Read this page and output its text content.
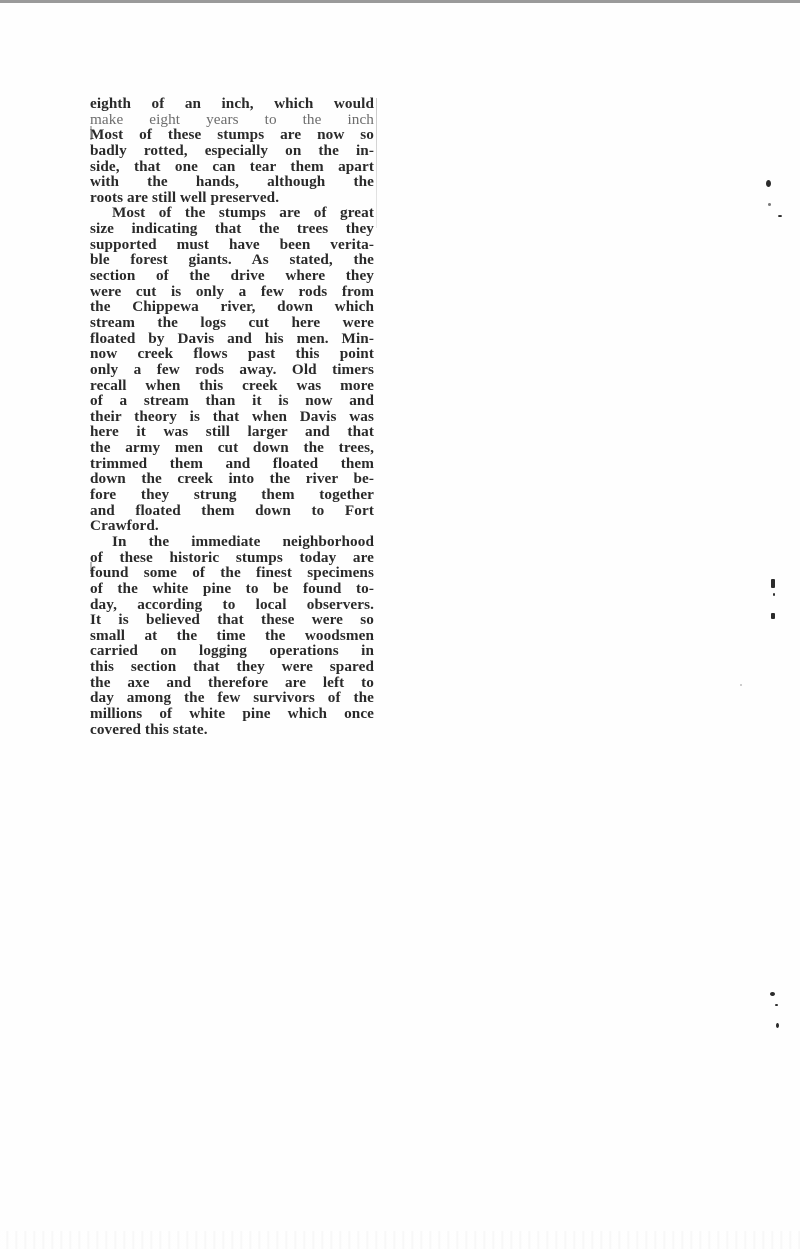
eighth of an inch, which would
make eight years to the inch
Most of these stumps are now so
badly rotted, especially on the in-
side, that one can tear them apart
with the hands, although the
roots are still well preserved.
Most of the stumps are of great
size indicating that the trees they
supported must have been verita-
ble forest giants. As stated, the
section of the drive where they
were cut is only a few rods from
the Chippewa river, down which
stream the logs cut here were
floated by Davis and his men. Min-
now creek flows past this point
only a few rods away. Old timers
recall when this creek was more
of a stream than it is now and
their theory is that when Davis was
here it was still larger and that
the army men cut down the trees,
trimmed them and floated them
down the creek into the river be-
fore they strung them together
and floated them down to Fort
Crawford.
In the immediate neighborhood
of these historic stumps today are
found some of the finest specimens
of the white pine to be found to-
day, according to local observers.
It is believed that these were so
small at the time the woodsmen
carried on logging operations in
this section that they were spared
the axe and therefore are left to
day among the few survivors of the
millions of white pine which once
covered this state.
